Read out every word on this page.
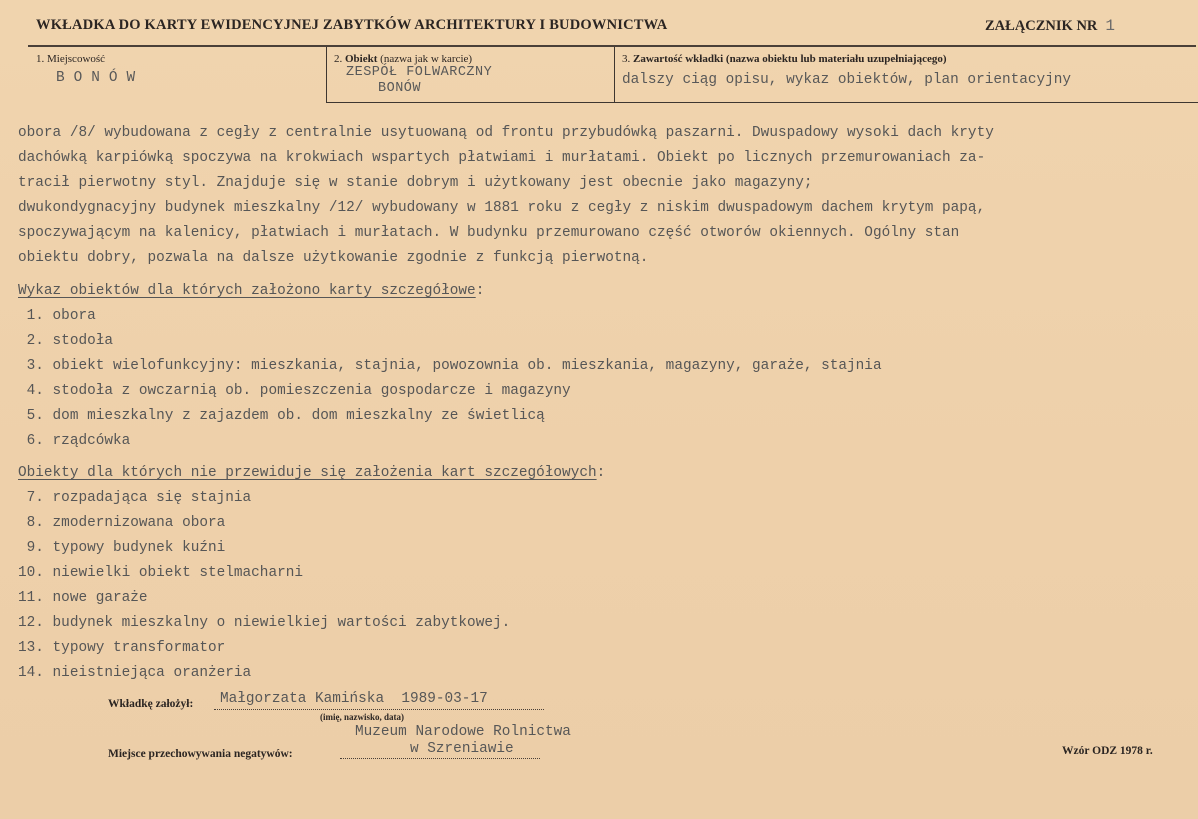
WKŁADKA DO KARTY EWIDENCYJNEJ ZABYTKÓW ARCHITEKTURY I BUDOWNICTWA	ZAŁĄCZNIK NR 1
1. Miejscowość
BONÓW
2. Obiekt (nazwa jak w karcie)
ZESPÓŁ FOLWARCZNY
BONÓW
3. Zawartość wkładki (nazwa obiektu lub materiału uzupełniającego)
dalszy ciąg opisu, wykaz obiektów, plan orientacyjny
obora /8/ wybudowana z cegły z centralnie usytuowaną od frontu przybudówką paszarni. Dwuspadowy wysoki dach kryty
dachówką karpiówką spoczywa na krokwiach wspartych płatwiami i murłatami. Obiekt po licznych przemurowaniach za-
tracił pierwotny styl. Znajduje się w stanie dobrym i użytkowany jest obecnie jako magazyny;
dwukondygnacyjny budynek mieszkalny /12/ wybudowany w 1881 roku z cegły z niskim dwuspadowym dachem krytym papą,
spoczywającym na kalenicy, płatwiach i murłatach. W budynku przemurowano część otworów okiennych. Ogólny stan
obiektu dobry, pozwala na dalsze użytkowanie zgodnie z funkcją pierwotną.
Wykaz obiektów dla których założono karty szczegółowe:
1. obora
2. stodoła
3. obiekt wielofunkcyjny: mieszkania, stajnia, powozownia ob. mieszkania, magazyny, garaże, stajnia
4. stodoła z owczarnią ob. pomieszczenia gospodarcze i magazyny
5. dom mieszkalny z zajazdem ob. dom mieszkalny ze świetlicą
6. rządcówka
Obiekty dla których nie przewiduje się założenia kart szczegółowych:
7. rozpadająca się stajnia
8. zmodernizowana obora
9. typowy budynek kuźni
10. niewielki obiekt stelmacharni
11. nowe garaże
12. budynek mieszkalny o niewielkiej wartości zabytkowej.
13. typowy transformator
14. nieistniejąca oranżeria
Wkładkę założył: Małgorzata Kamińska  1989-03-17
(imię, nazwisko, data)
Muzeum Narodowe Rolnictwa
Miejsce przechowywania negatywów:	w Szreniawie	Wzór ODZ 1978 r.
